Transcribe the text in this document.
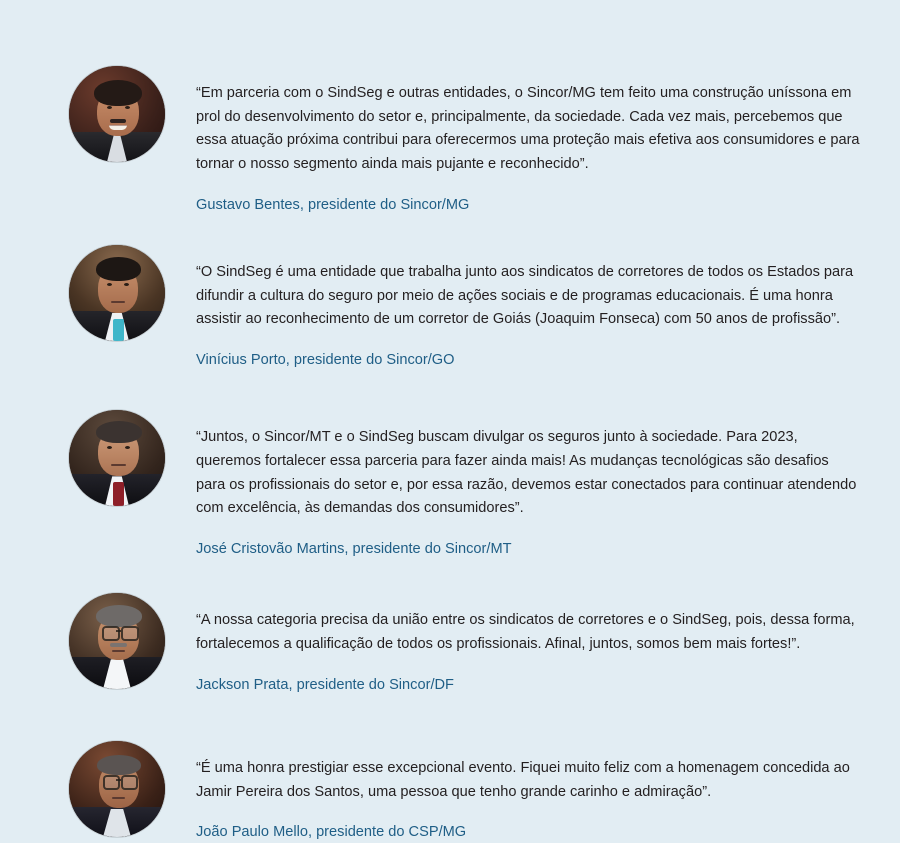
“Em parceria com o SindSeg e outras entidades, o Sincor/MG tem feito uma construção uníssona em prol do desenvolvimento do setor e, principalmente, da sociedade. Cada vez mais, percebemos que essa atuação próxima contribui para oferecermos uma proteção mais efetiva aos consumidores e para tornar o nosso segmento ainda mais pujante e reconhecido”.

Gustavo Bentes, presidente do Sincor/MG

“O SindSeg é uma entidade que trabalha junto aos sindicatos de corretores de todos os Estados para difundir a cultura do seguro por meio de ações sociais e de programas educacionais. É uma honra assistir ao reconhecimento de um corretor de Goiás (Joaquim Fonseca) com 50 anos de profissão”.

Vinícius Porto, presidente do Sincor/GO

“Juntos, o Sincor/MT e o SindSeg buscam divulgar os seguros junto à sociedade. Para 2023, queremos fortalecer essa parceria para fazer ainda mais! As mudanças tecnológicas são desafios para os profissionais do setor e, por essa razão, devemos estar conectados para continuar atendendo com excelência, às demandas dos consumidores”.

José Cristovão Martins, presidente do Sincor/MT

“A nossa categoria precisa da união entre os sindicatos de corretores e o SindSeg, pois, dessa forma, fortalecemos a qualificação de todos os profissionais. Afinal, juntos, somos bem mais fortes!”.

Jackson Prata, presidente do Sincor/DF

“É uma honra prestigiar esse excepcional evento. Fiquei muito feliz com a homenagem concedida ao Jamir Pereira dos Santos, uma pessoa que tenho grande carinho e admiração”.

João Paulo Mello, presidente do CSP/MG
